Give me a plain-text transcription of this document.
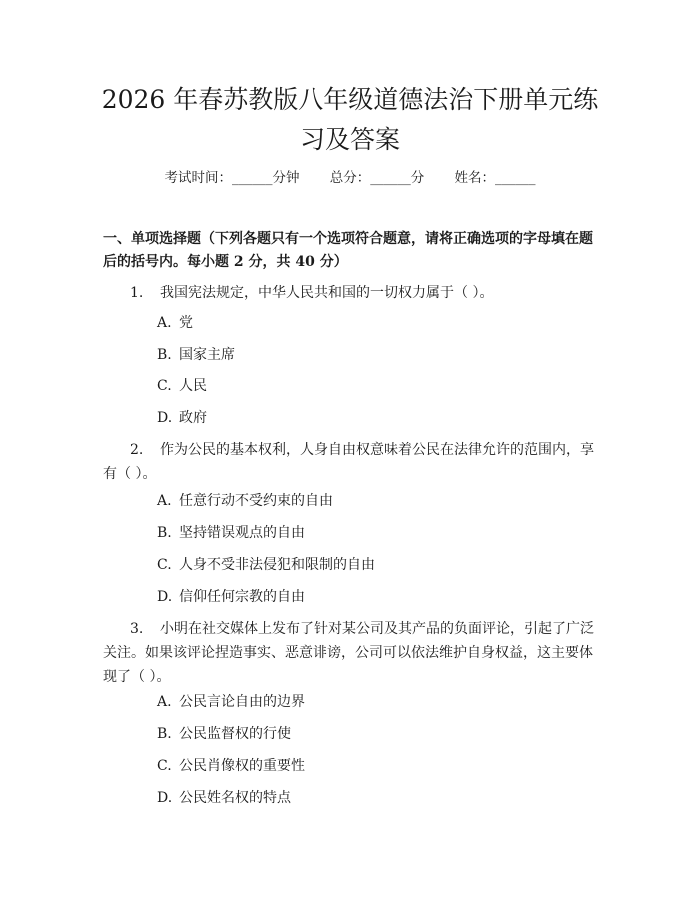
2026 年春苏教版八年级道德法治下册单元练习及答案
考试时间：______分钟 总分：______分 姓名：______
一、单项选择题（下列各题只有一个选项符合题意，请将正确选项的字母填在题后的括号内。每小题 2 分，共 40 分）
1. 我国宪法规定，中华人民共和国的一切权力属于（ ）。
A. 党
B. 国家主席
C. 人民
D. 政府
2. 作为公民的基本权利，人身自由权意味着公民在法律允许的范围内，享有（ ）。
A. 任意行动不受约束的自由
B. 坚持错误观点的自由
C. 人身不受非法侵犯和限制的自由
D. 信仰任何宗教的自由
3. 小明在社交媒体上发布了针对某公司及其产品的负面评论，引起了广泛关注。如果该评论捏造事实、恶意诽谤，公司可以依法维护自身权益，这主要体现了（ ）。
A. 公民言论自由的边界
B. 公民监督权的行使
C. 公民肖像权的重要性
D. 公民姓名权的特点
